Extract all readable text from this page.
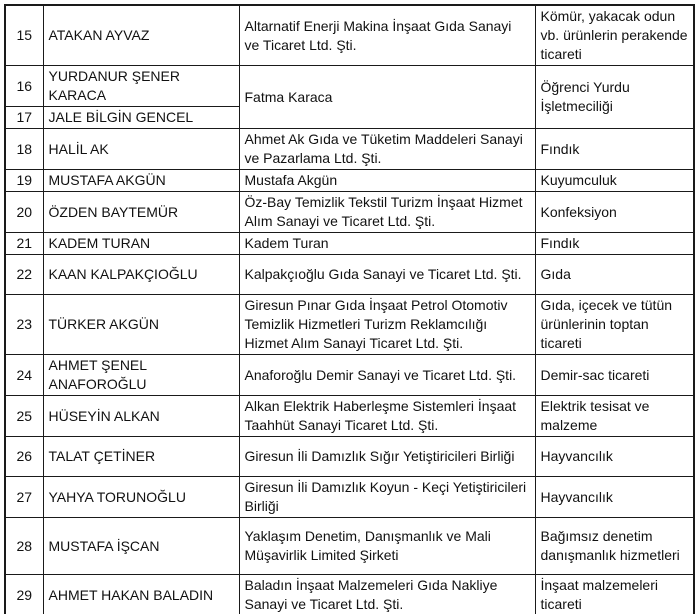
15	ATAKAN AYVAZ	Altarnatif Enerji Makina İnşaat Gıda Sanayi ve Ticaret Ltd. Şti.	Kömür, yakacak odun vb. ürünlerin perakende ticareti
16	YURDANUR ŞENER KARACA	Fatma Karaca	Öğrenci Yurdu İşletmeciliği
17	JALE BİLGİN GENCEL		
18	HALİL AK	Ahmet Ak Gıda ve Tüketim Maddeleri Sanayi ve Pazarlama Ltd. Şti.	Fındık
19	MUSTAFA AKGÜN	Mustafa Akgün	Kuyumculuk
20	ÖZDEN BAYTEMÜR	Öz-Bay Temizlik Tekstil Turizm İnşaat Hizmet Alım Sanayi ve Ticaret Ltd. Şti.	Konfeksiyon
21	KADEM TURAN	Kadem Turan	Fındık
22	KAAN KALPAKÇIOĞLU	Kalpakçıoğlu Gıda Sanayi ve Ticaret Ltd. Şti.	Gıda
23	TÜRKER AKGÜN	Giresun Pınar Gıda İnşaat Petrol Otomotiv Temizlik Hizmetleri Turizm Reklamcılığı Hizmet Alım Sanayi Ticaret Ltd. Şti.	Gıda, içecek ve tütün ürünlerinin toptan ticareti
24	AHMET ŞENEL ANAFOROĞLU	Anaforoğlu Demir Sanayi ve Ticaret Ltd. Şti.	Demir-sac ticareti
25	HÜSEYİN ALKAN	Alkan Elektrik Haberleşme Sistemleri İnşaat Taahhüt Sanayi Ticaret Ltd. Şti.	Elektrik tesisat ve malzeme
26	TALAT ÇETİNER	Giresun İli Damızlık Sığır Yetiştiricileri Birliği	Hayvancılık
27	YAHYA TORUNOĞLU	Giresun İli Damızlık Koyun - Keçi Yetiştiricileri Birliği	Hayvancılık
28	MUSTAFA İŞCAN	Yaklaşım Denetim, Danışmanlık ve Mali Müşavirlik Limited Şirketi	Bağımsız denetim danışmanlık hizmetleri
29	AHMET HAKAN BALADIN	Baladın İnşaat Malzemeleri Gıda Nakliye Sanayi ve Ticaret Ltd. Şti.	İnşaat malzemeleri ticareti
